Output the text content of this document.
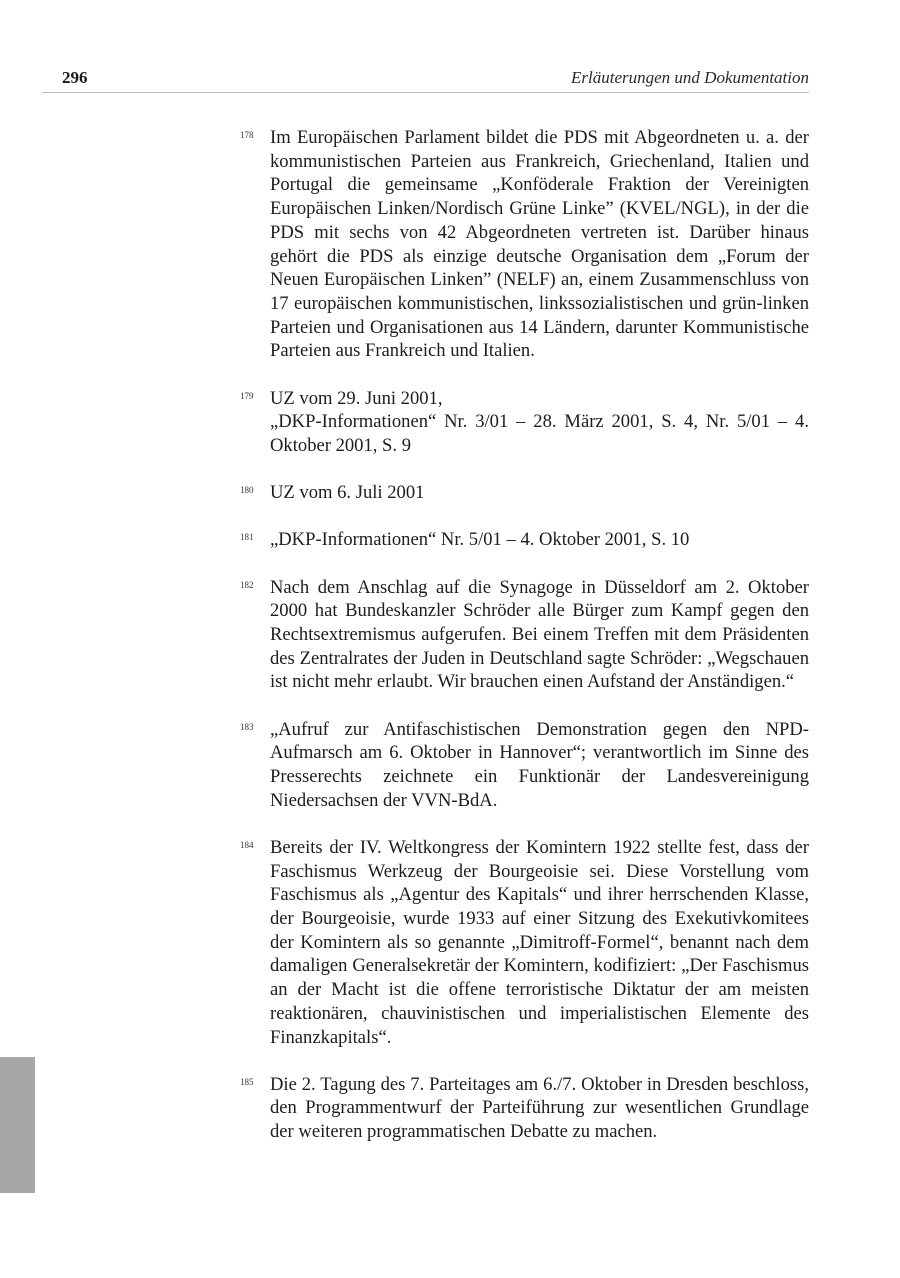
296	Erläuterungen und Dokumentation
178 Im Europäischen Parlament bildet die PDS mit Abgeordneten u. a. der kommunistischen Parteien aus Frankreich, Griechenland, Italien und Portugal die gemeinsame „Konföderale Fraktion der Vereinigten Europäischen Linken/Nordisch Grüne Linke” (KVEL/NGL), in der die PDS mit sechs von 42 Abgeordneten vertreten ist. Darüber hinaus gehört die PDS als einzige deutsche Organisation dem „Forum der Neuen Europäischen Linken” (NELF) an, einem Zusammenschluss von 17 europäischen kommunistischen, linkssozialistischen und grün-linken Parteien und Organisationen aus 14 Ländern, darunter Kommunistische Parteien aus Frankreich und Italien.
179 UZ vom 29. Juni 2001,
„DKP-Informationen“ Nr. 3/01 – 28. März 2001, S. 4, Nr. 5/01 – 4. Oktober 2001, S. 9
180 UZ vom 6. Juli 2001
181 „DKP-Informationen“ Nr. 5/01 – 4. Oktober 2001, S. 10
182 Nach dem Anschlag auf die Synagoge in Düsseldorf am 2. Oktober 2000 hat Bundeskanzler Schröder alle Bürger zum Kampf gegen den Rechtsextremismus aufgerufen. Bei einem Treffen mit dem Präsidenten des Zentralrates der Juden in Deutschland sagte Schröder: „Wegschauen ist nicht mehr erlaubt. Wir brauchen einen Aufstand der Anständigen.“
183 „Aufruf zur Antifaschistischen Demonstration gegen den NPD-Aufmarsch am 6. Oktober in Hannover“; verantwortlich im Sinne des Presserechts zeichnete ein Funktionär der Landesvereinigung Niedersachsen der VVN-BdA.
184 Bereits der IV. Weltkongress der Komintern 1922 stellte fest, dass der Faschismus Werkzeug der Bourgeoisie sei. Diese Vorstellung vom Faschismus als „Agentur des Kapitals“ und ihrer herrschenden Klasse, der Bourgeoisie, wurde 1933 auf einer Sitzung des Exekutivkomitees der Komintern als so genannte „Dimitroff-Formel“, benannt nach dem damaligen Generalsekretär der Komintern, kodifiziert: „Der Faschismus an der Macht ist die offene terroristische Diktatur der am meisten reaktionären, chauvinistischen und imperialistischen Elemente des Finanzkapitals“.
185 Die 2. Tagung des 7. Parteitages am 6./7. Oktober in Dresden beschloss, den Programmentwurf der Parteiführung zur wesentlichen Grundlage der weiteren programmatischen Debatte zu machen.
